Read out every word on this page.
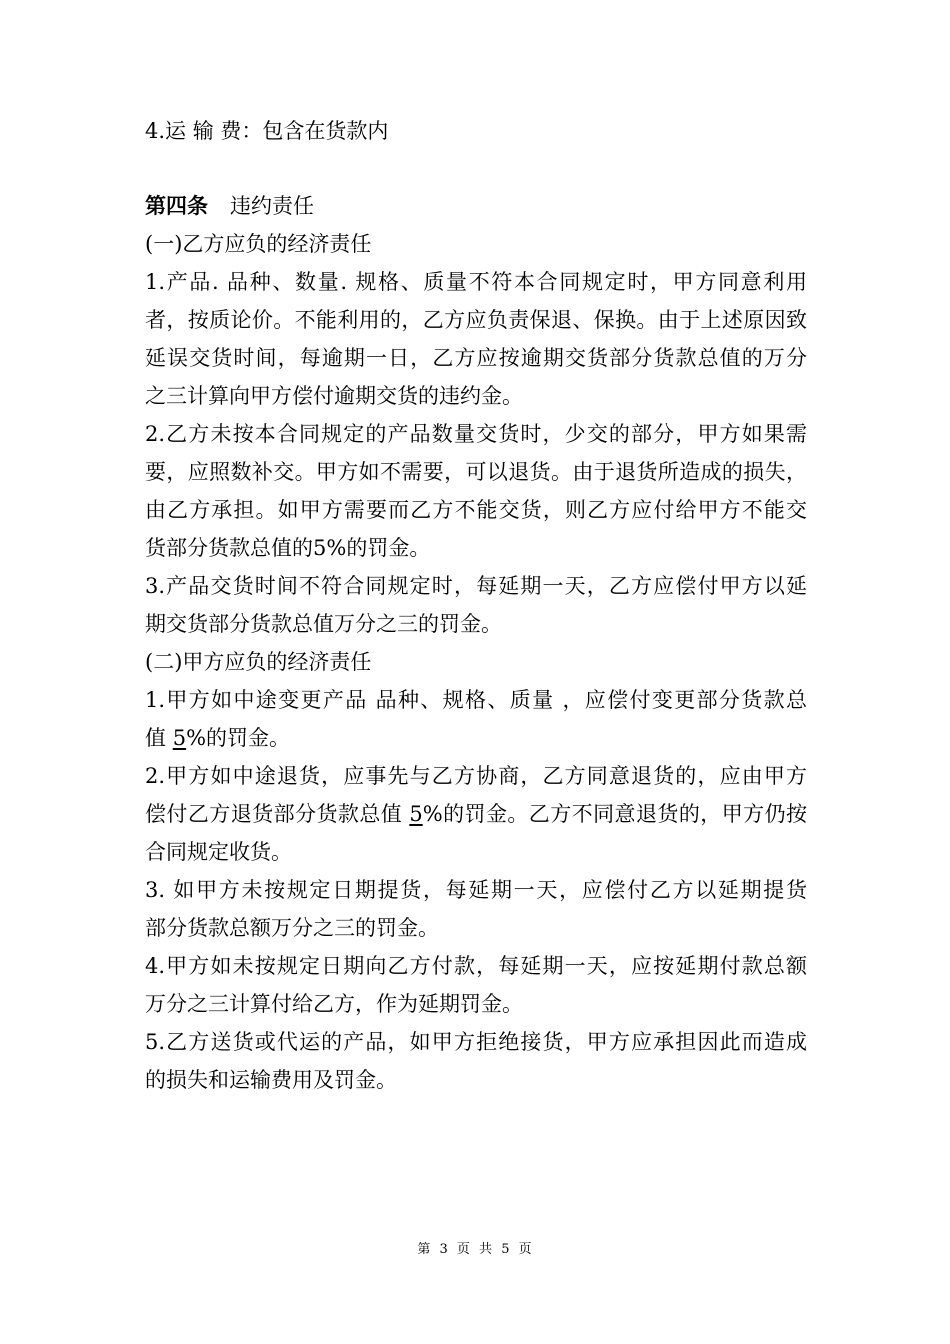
4.运 输 费：包含在货款内
第四条 违约责任
(一)乙方应负的经济责任
1.产品. 品种、数量. 规格、质量不符本合同规定时，甲方同意利用
者，按质论价。不能利用的，乙方应负责保退、保换。由于上述原因致
延误交货时间，每逾期一日，乙方应按逾期交货部分货款总值的万分
之三计算向甲方偿付逾期交货的违约金。
2.乙方未按本合同规定的产品数量交货时，少交的部分，甲方如果需
要，应照数补交。甲方如不需要，可以退货。由于退货所造成的损失，
由乙方承担。如甲方需要而乙方不能交货，则乙方应付给甲方不能交
货部分货款总值的5%的罚金。
3.产品交货时间不符合同规定时，每延期一天，乙方应偿付甲方以延
期交货部分货款总值万分之三的罚金。
(二)甲方应负的经济责任
1.甲方如中途变更产品 品种、规格、质量 ，应偿付变更部分货款总
值 5%的罚金。
2.甲方如中途退货，应事先与乙方协商，乙方同意退货的，应由甲方
偿付乙方退货部分货款总值 5%的罚金。乙方不同意退货的，甲方仍按
合同规定收货。
3. 如甲方未按规定日期提货，每延期一天，应偿付乙方以延期提货
部分货款总额万分之三的罚金。
4.甲方如未按规定日期向乙方付款，每延期一天，应按延期付款总额
万分之三计算付给乙方，作为延期罚金。
5.乙方送货或代运的产品，如甲方拒绝接货，甲方应承担因此而造成
的损失和运输费用及罚金。
第 3 页 共 5 页
